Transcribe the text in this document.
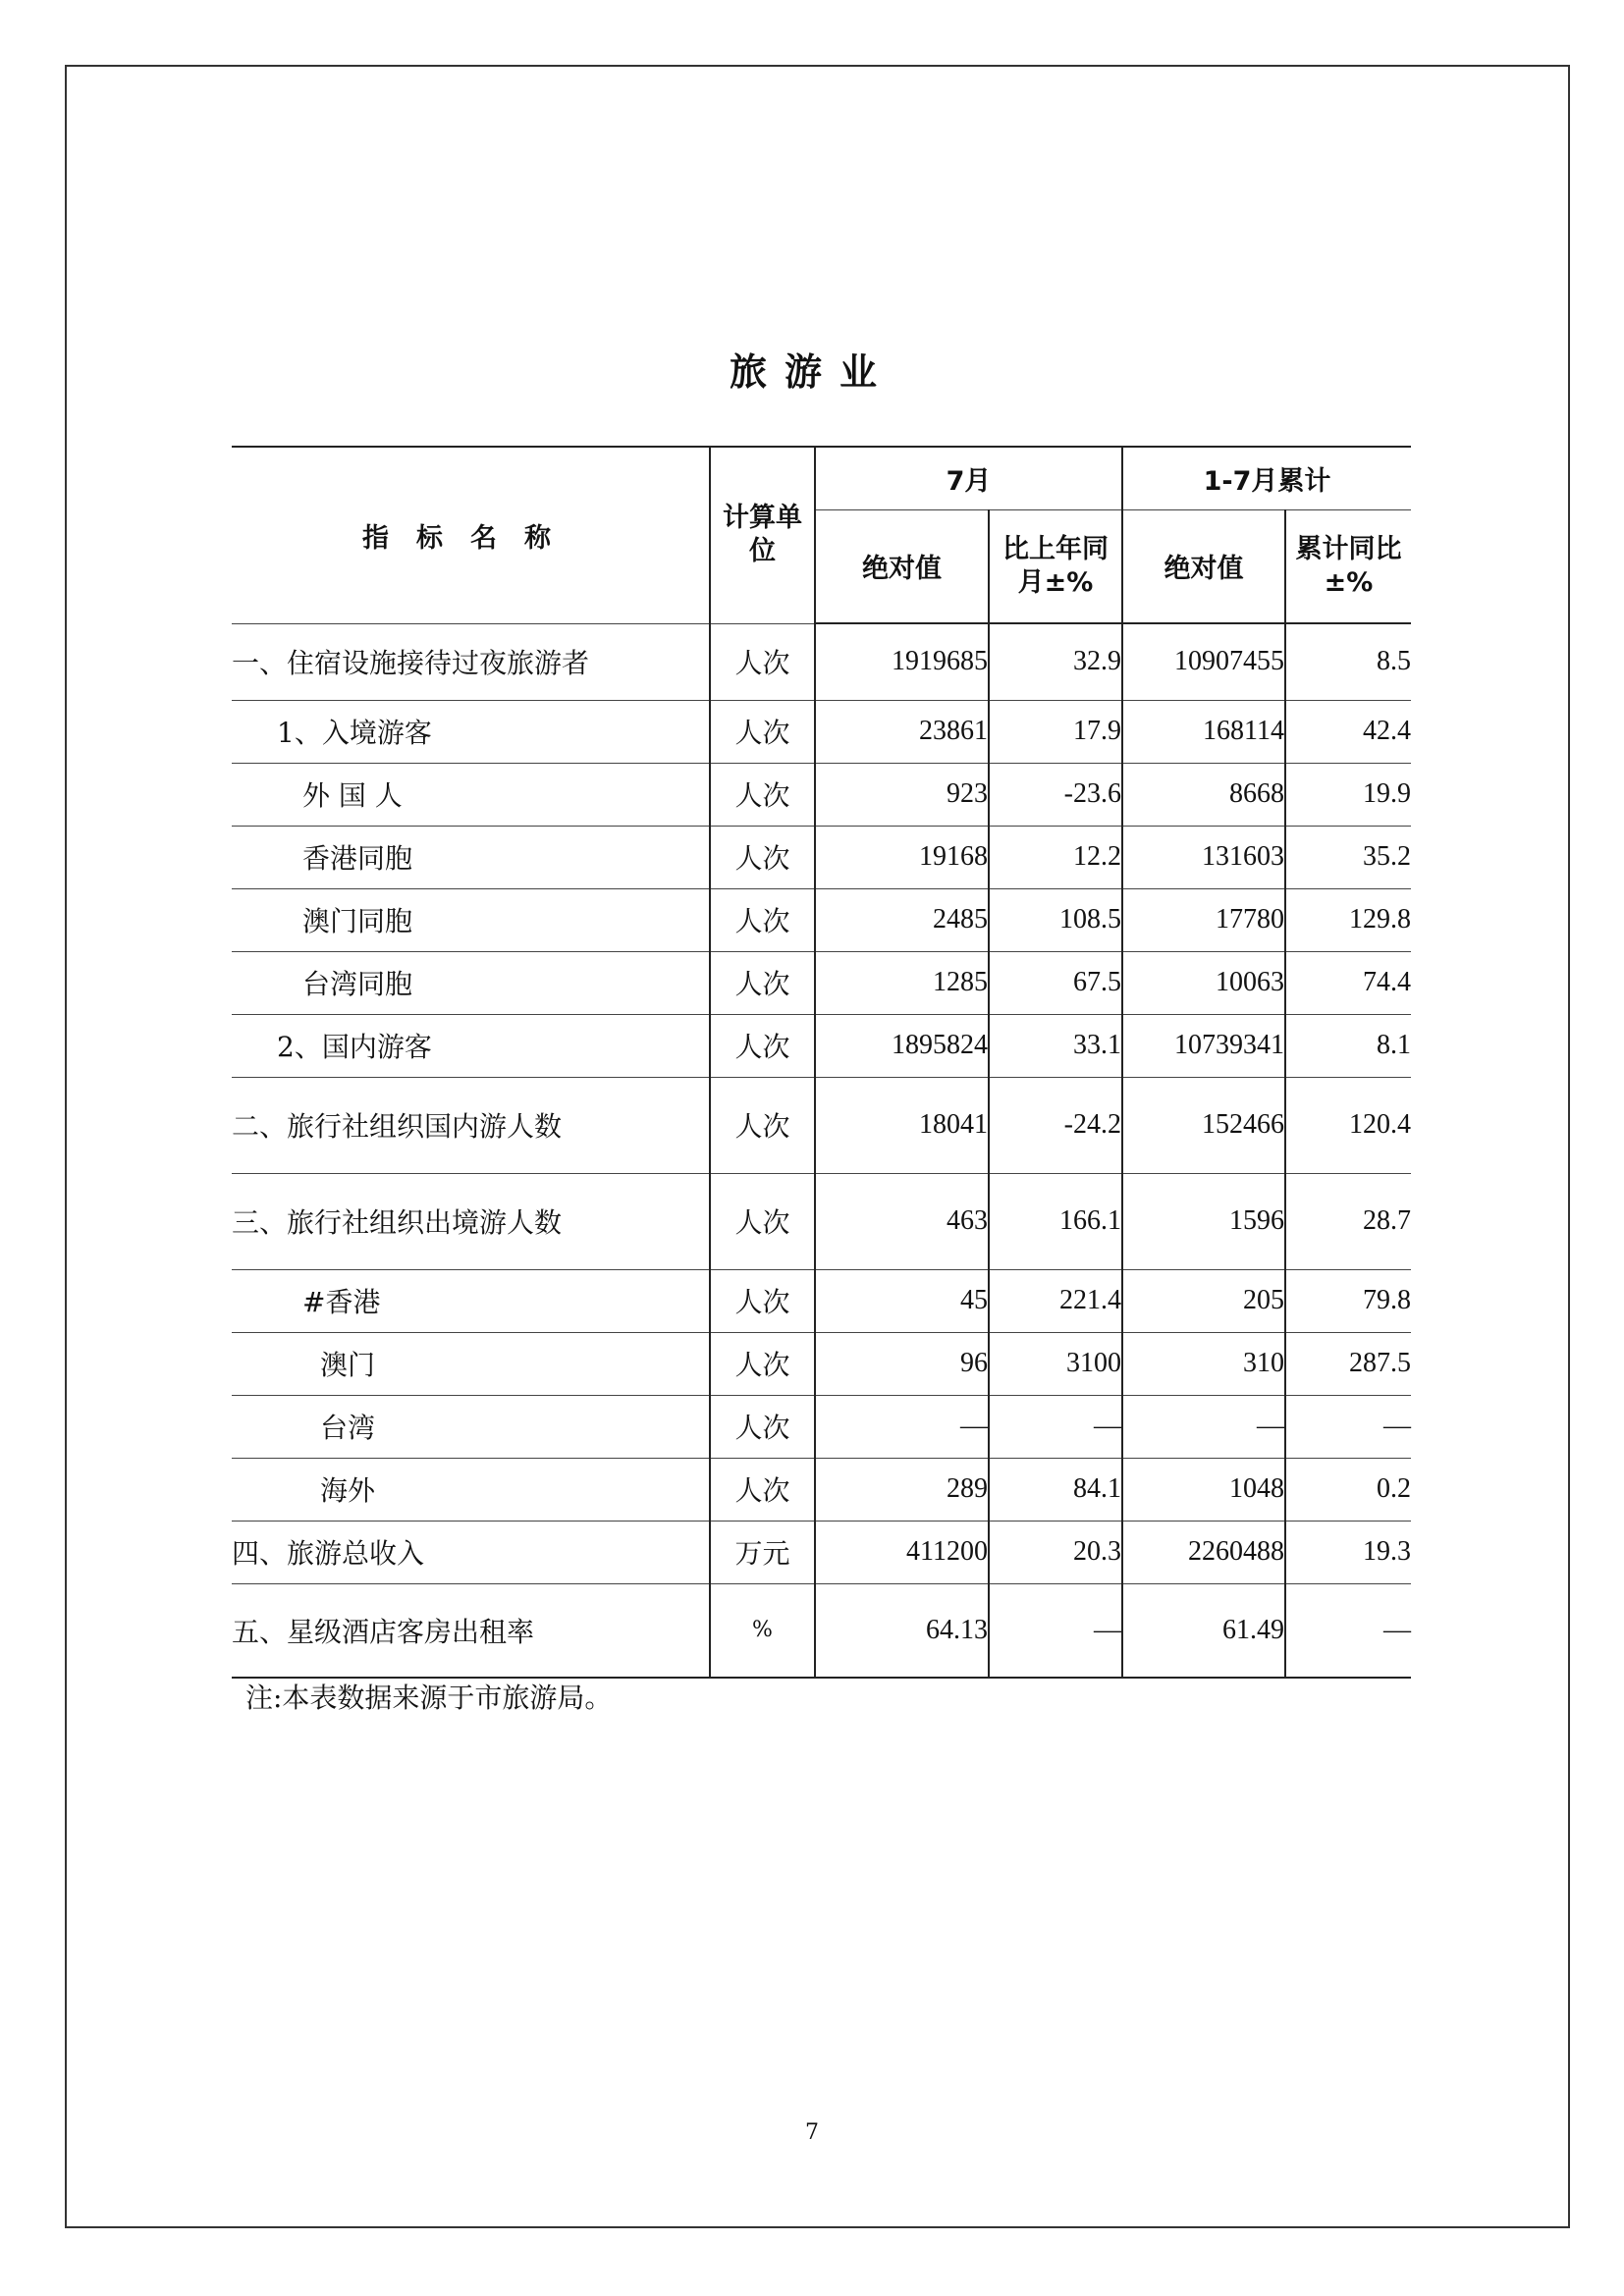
旅游业
指标名称	计算单位	7月		1-7月累计	
		绝对值	比上年同月±%	绝对值	累计同比±%
一、住宿设施接待过夜旅游者	人次	1919685	32.9	10907455	8.5
1、入境游客	人次	23861	17.9	168114	42.4
外 国 人	人次	923	-23.6	8668	19.9
香港同胞	人次	19168	12.2	131603	35.2
澳门同胞	人次	2485	108.5	17780	129.8
台湾同胞	人次	1285	67.5	10063	74.4
2、国内游客	人次	1895824	33.1	10739341	8.1
二、旅行社组织国内游人数	人次	18041	-24.2	152466	120.4
三、旅行社组织出境游人数	人次	463	166.1	1596	28.7
#香港	人次	45	221.4	205	79.8
澳门	人次	96	3100	310	287.5
台湾	人次	—	—	—	—
海外	人次	289	84.1	1048	0.2
四、旅游总收入	万元	411200	20.3	2260488	19.3
五、星级酒店客房出租率	%	64.13	—	61.49	—
注:本表数据来源于市旅游局。
7
